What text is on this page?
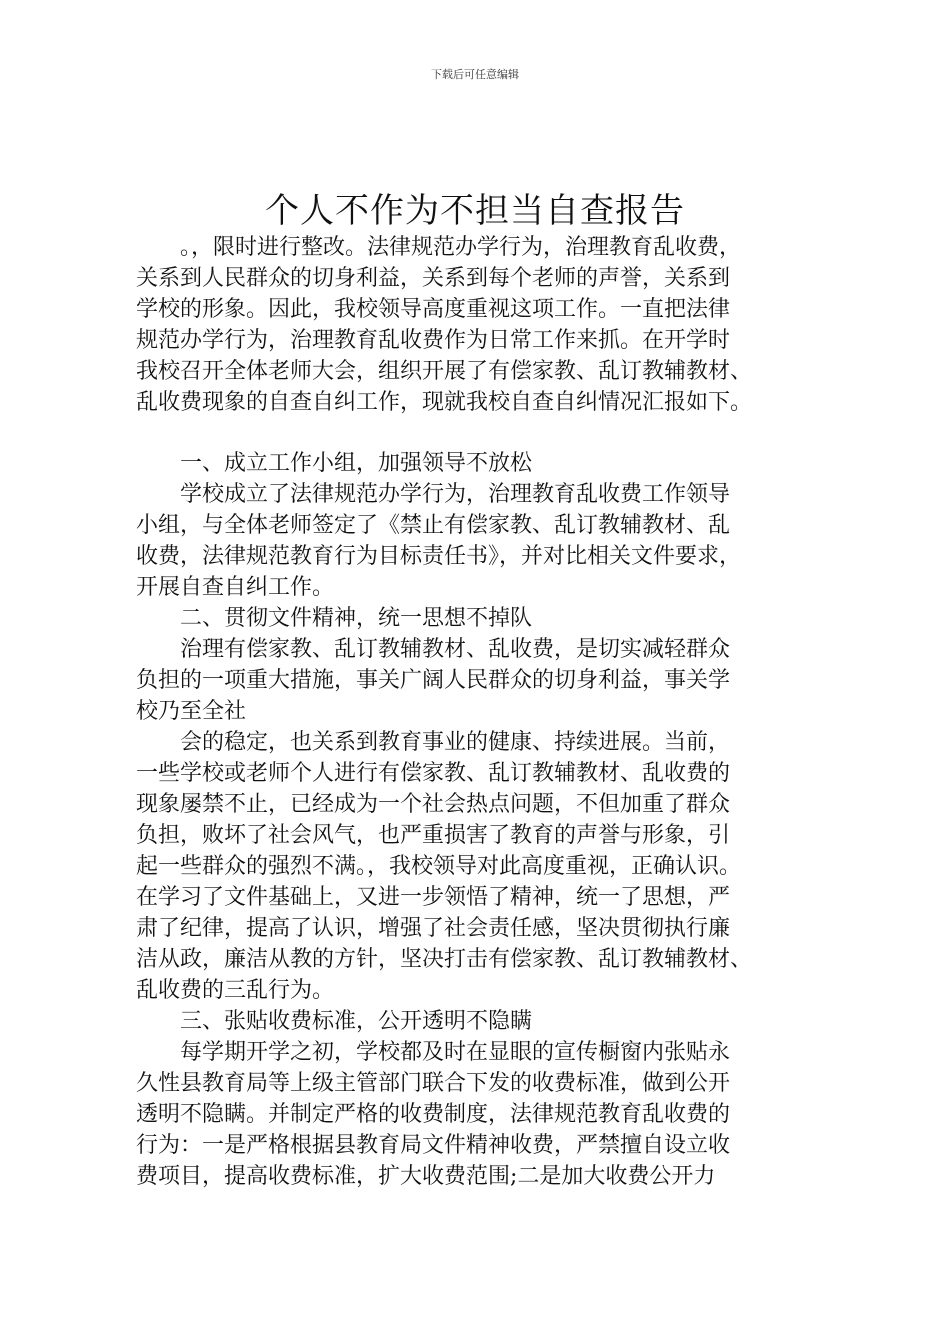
下载后可任意编辑
个人不作为不担当自查报告
。，限时进行整改。法律规范办学行为，治理教育乱收费，
关系到人民群众的切身利益，关系到每个老师的声誉，关系到
学校的形象。因此，我校领导高度重视这项工作。一直把法律
规范办学行为，治理教育乱收费作为日常工作来抓。在开学时
我校召开全体老师大会，组织开展了有偿家教、乱订教辅教材、
乱收费现象的自查自纠工作，现就我校自查自纠情况汇报如下。
一、成立工作小组，加强领导不放松
学校成立了法律规范办学行为，治理教育乱收费工作领导
小组，与全体老师签定了《禁止有偿家教、乱订教辅教材、乱
收费，法律规范教育行为目标责任书》，并对比相关文件要求，
开展自查自纠工作。
二、贯彻文件精神，统一思想不掉队
治理有偿家教、乱订教辅教材、乱收费，是切实减轻群众
负担的一项重大措施，事关广阔人民群众的切身利益，事关学
校乃至全社
会的稳定，也关系到教育事业的健康、持续进展。当前，
一些学校或老师个人进行有偿家教、乱订教辅教材、乱收费的
现象屡禁不止，已经成为一个社会热点问题，不但加重了群众
负担，败坏了社会风气，也严重损害了教育的声誉与形象，引
起一些群众的强烈不满。，我校领导对此高度重视，正确认识。
在学习了文件基础上，又进一步领悟了精神，统一了思想，严
肃了纪律，提高了认识，增强了社会责任感，坚决贯彻执行廉
洁从政，廉洁从教的方针，坚决打击有偿家教、乱订教辅教材、
乱收费的三乱行为。
三、张贴收费标准，公开透明不隐瞒
每学期开学之初，学校都及时在显眼的宣传橱窗内张贴永
久性县教育局等上级主管部门联合下发的收费标准，做到公开
透明不隐瞒。并制定严格的收费制度，法律规范教育乱收费的
行为：一是严格根据县教育局文件精神收费，严禁擅自设立收
费项目，提高收费标准，扩大收费范围;二是加大收费公开力
